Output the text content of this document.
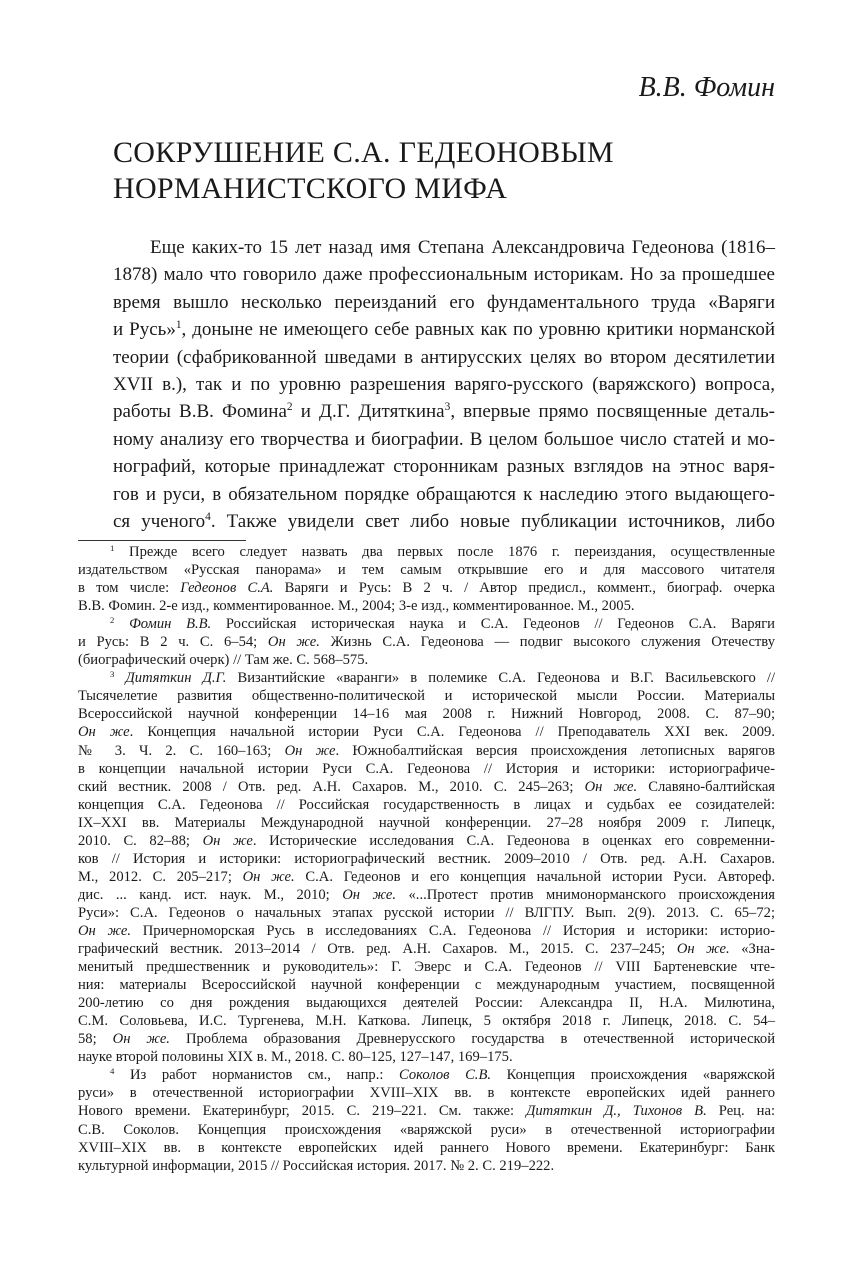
В.В. Фомин
СОКРУШЕНИЕ С.А. ГЕДЕОНОВЫМ
НОРМАНИСТСКОГО МИФА
Еще каких-то 15 лет назад имя Степана Александровича Гедеонова (1816–
1878) мало что говорило даже профессиональным историкам. Но за прошедшее
время вышло несколько переизданий его фундаментального труда «Варяги
и Русь»$^1$, доныне не имеющего себе равных как по уровню критики норманской
теории (сфабрикованной шведами в антирусских целях во втором десятилетии
XVII в.), так и по уровню разрешения варяго-русского (варяжского) вопроса,
работы В.В. Фомина$^2$ и Д.Г. Дитяткина$^3$, впервые прямо посвященные деталь-
ному анализу его творчества и биографии. В целом большое число статей и мо-
нографий, которые принадлежат сторонникам разных взглядов на этнос варя-
гов и руси, в обязательном порядке обращаются к наследию этого выдающего-
ся ученого$^4$. Также увидели свет либо новые публикации источников, либо
$^1$ Прежде всего следует назвать два первых после 1876 г. переиздания, осуществленные
издательством «Русская панорама» и тем самым открывшие его и для массового читателя
в том числе: Гедеонов С.А. Варяги и Русь: В 2 ч. / Автор предисл., коммент., биограф. очерка
В.В. Фомин. 2-е изд., комментированное. М., 2004; 3-е изд., комментированное. М., 2005.
$^2$ Фомин В.В. Российская историческая наука и С.А. Гедеонов // Гедеонов С.А. Варяги
и Русь: В 2 ч. С. 6–54; Он же. Жизнь С.А. Гедеонова — подвиг высокого служения Отечеству
(биографический очерк) // Там же. С. 568–575.
$^3$ Дитяткин Д.Г. Византийские «варанги» в полемике С.А. Гедеонова и В.Г. Васильевского //
Тысячелетие развития общественно-политической и исторической мысли России. Материалы
Всероссийской научной конференции 14–16 мая 2008 г. Нижний Новгород, 2008. С. 87–90;
Он же. Концепция начальной истории Руси С.А. Гедеонова // Преподаватель XXI век. 2009.
№ 3. Ч. 2. С. 160–163; Он же. Южнобалтийская версия происхождения летописных варягов
в концепции начальной истории Руси С.А. Гедеонова // История и историки: историографиче-
ский вестник. 2008 / Отв. ред. А.Н. Сахаров. М., 2010. С. 245–263; Он же. Славяно-балтийская
концепция С.А. Гедеонова // Российская государственность в лицах и судьбах ее созидателей:
IX–XXI вв. Материалы Международной научной конференции. 27–28 ноября 2009 г. Липецк,
2010. С. 82–88; Он же. Исторические исследования С.А. Гедеонова в оценках его современни-
ков // История и историки: историографический вестник. 2009–2010 / Отв. ред. А.Н. Сахаров.
М., 2012. С. 205–217; Он же. С.А. Гедеонов и его концепция начальной истории Руси. Автореф.
дис. ... канд. ист. наук. М., 2010; Он же. «...Протест против мнимонорманского происхождения
Руси»: С.А. Гедеонов о начальных этапах русской истории // ВЛГПУ. Вып. 2(9). 2013. С. 65–72;
Он же. Причерноморская Русь в исследованиях С.А. Гедеонова // История и историки: историо-
графический вестник. 2013–2014 / Отв. ред. А.Н. Сахаров. М., 2015. С. 237–245; Он же. «Зна-
менитый предшественник и руководитель»: Г. Эверс и С.А. Гедеонов // VIII Бартеневские чте-
ния: материалы Всероссийской научной конференции с международным участием, посвященной
200-летию со дня рождения выдающихся деятелей России: Александра II, Н.А. Милютина,
С.М. Соловьева, И.С. Тургенева, М.Н. Каткова. Липецк, 5 октября 2018 г. Липецк, 2018. С. 54–
58; Он же. Проблема образования Древнерусского государства в отечественной исторической
науке второй половины XIX в. М., 2018. С. 80–125, 127–147, 169–175.
$^4$ Из работ норманистов см., напр.: Соколов С.В. Концепция происхождения «варяжской
руси» в отечественной историографии XVIII–XIX вв. в контексте европейских идей раннего
Нового времени. Екатеринбург, 2015. С. 219–221. См. также: Дитяткин Д., Тихонов В. Рец. на:
С.В. Соколов. Концепция происхождения «варяжской руси» в отечественной историографии
XVIII–XIX вв. в контексте европейских идей раннего Нового времени. Екатеринбург: Банк
культурной информации, 2015 // Российская история. 2017. № 2. С. 219–222.
